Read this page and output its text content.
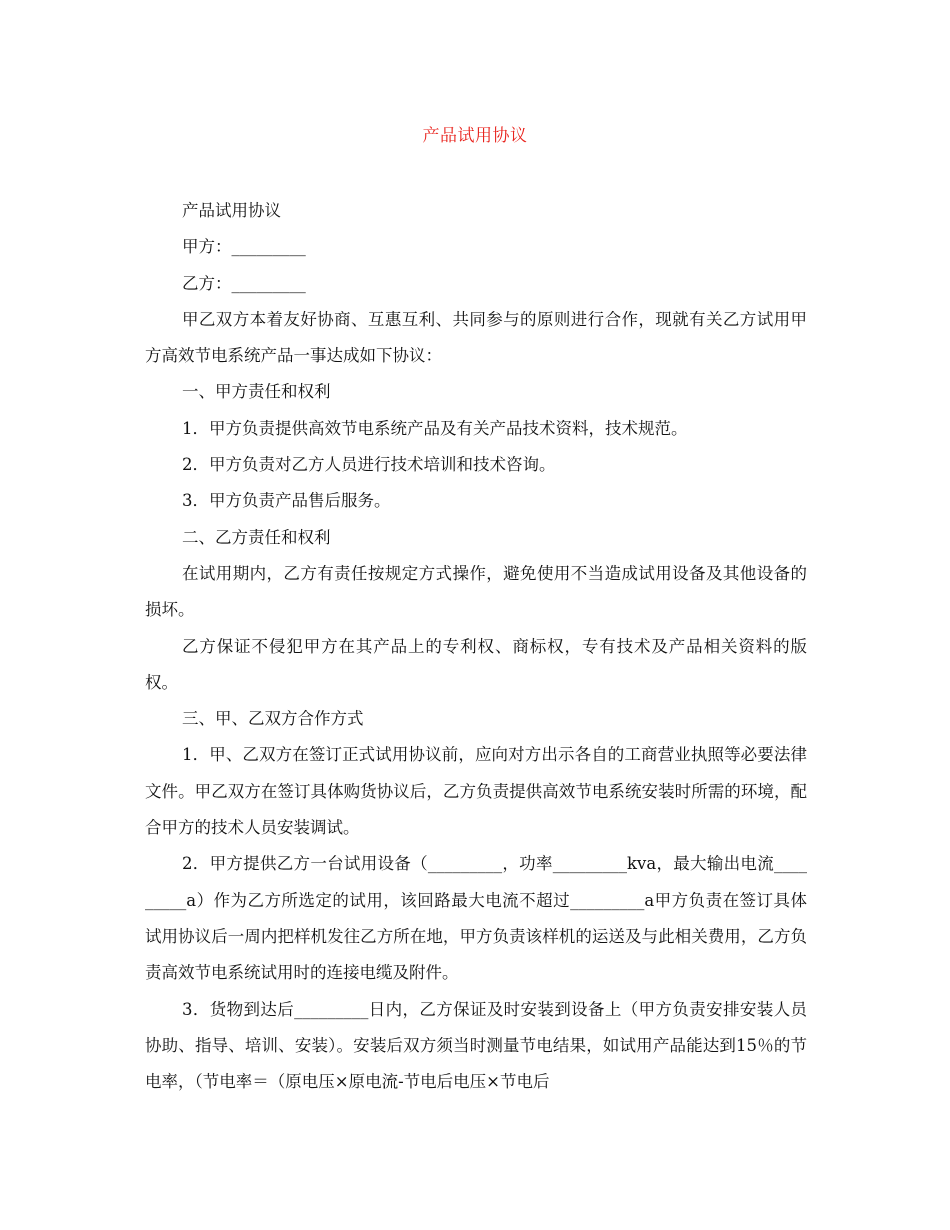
产品试用协议

产品试用协议

甲方：_________

乙方：_________

甲乙双方本着友好协商、互惠互利、共同参与的原则进行合作，现就有关乙方试用甲方高效节电系统产品一事达成如下协议：

一、甲方责任和权利

1．甲方负责提供高效节电系统产品及有关产品技术资料，技术规范。

2．甲方负责对乙方人员进行技术培训和技术咨询。

3．甲方负责产品售后服务。

二、乙方责任和权利

在试用期内，乙方有责任按规定方式操作，避免使用不当造成试用设备及其他设备的损坏。

乙方保证不侵犯甲方在其产品上的专利权、商标权，专有技术及产品相关资料的版权。

三、甲、乙双方合作方式

1．甲、乙双方在签订正式试用协议前，应向对方出示各自的工商营业执照等必要法律文件。甲乙双方在签订具体购货协议后，乙方负责提供高效节电系统安装时所需的环境，配合甲方的技术人员安装调试。

2．甲方提供乙方一台试用设备（_________，功率_________kva，最大输出电流_________a）作为乙方所选定的试用，该回路最大电流不超过_________a甲方负责在签订具体试用协议后一周内把样机发往乙方所在地，甲方负责该样机的运送及与此相关费用，乙方负责高效节电系统试用时的连接电缆及附件。

3．货物到达后_________日内，乙方保证及时安装到设备上（甲方负责安排安装人员协助、指导、培训、安装）。安装后双方须当时测量节电结果，如试用产品能达到15％的节电率，（节电率＝（原电压×原电流-节电后电压×节电后
